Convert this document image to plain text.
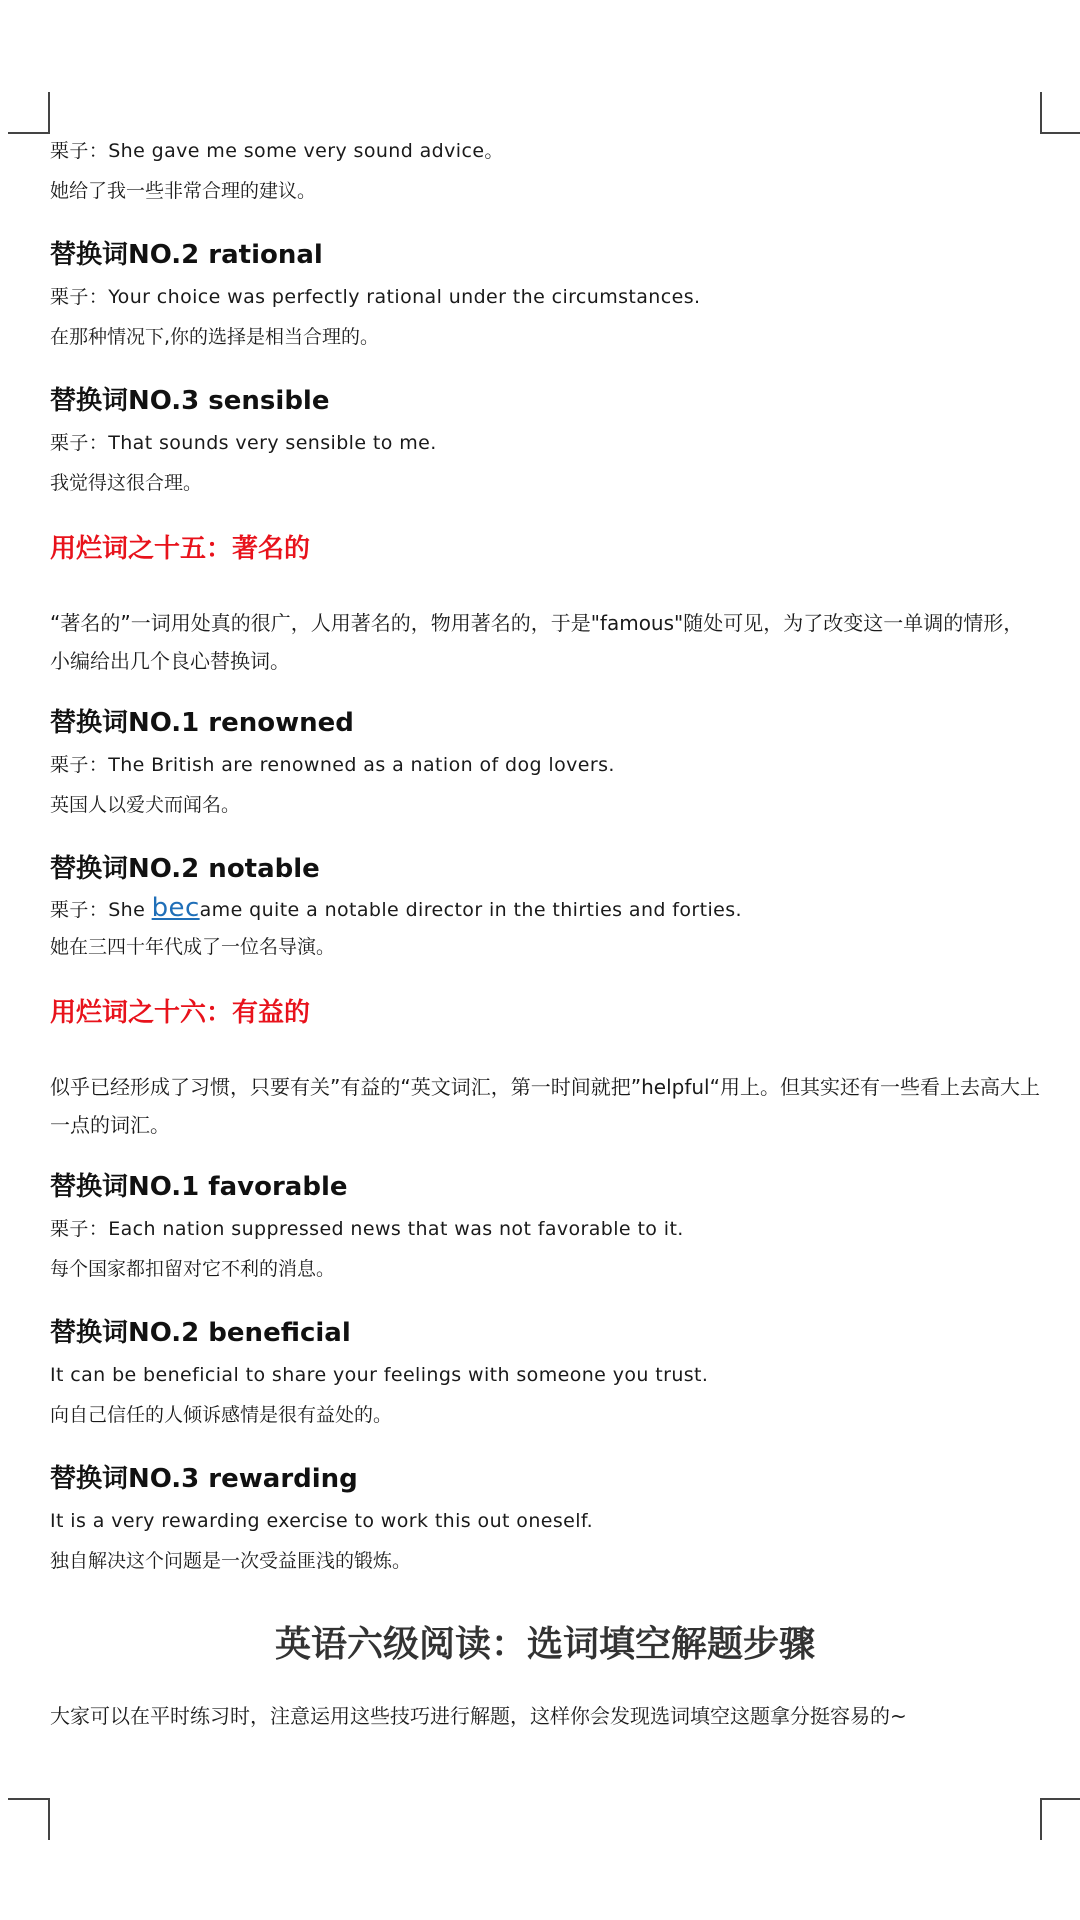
栗子：She gave me some very sound advice。

她给了我一些非常合理的建议。

替换词NO.2 rational

栗子：Your choice was perfectly rational under the circumstances.

在那种情况下,你的选择是相当合理的。

替换词NO.3 sensible

栗子：That sounds very sensible to me.

我觉得这很合理。

用烂词之十五：著名的

“著名的”一词用处真的很广，人用著名的，物用著名的，于是"famous"随处可见，为了改变这一单调的情形，小编给出几个良心替换词。

替换词NO.1 renowned

栗子：The British are renowned as a nation of dog lovers.

英国人以爱犬而闻名。

替换词NO.2 notable

栗子：She became quite a notable director in the thirties and forties.

她在三四十年代成了一位名导演。

用烂词之十六：有益的

似乎已经形成了习惯，只要有关”有益的“英文词汇，第一时间就把”helpful“用上。但其实还有一些看上去高大上一点的词汇。

替换词NO.1 favorable

栗子：Each nation suppressed news that was not favorable to it.

每个国家都扣留对它不利的消息。

替换词NO.2 beneficial

It can be beneficial to share your feelings with someone you trust.

向自己信任的人倾诉感情是很有益处的。

替换词NO.3 rewarding

It is a very rewarding exercise to work this out oneself.

独自解决这个问题是一次受益匪浅的锻炼。

英语六级阅读：选词填空解题步骤

大家可以在平时练习时，注意运用这些技巧进行解题，这样你会发现选词填空这题拿分挺容易的~
